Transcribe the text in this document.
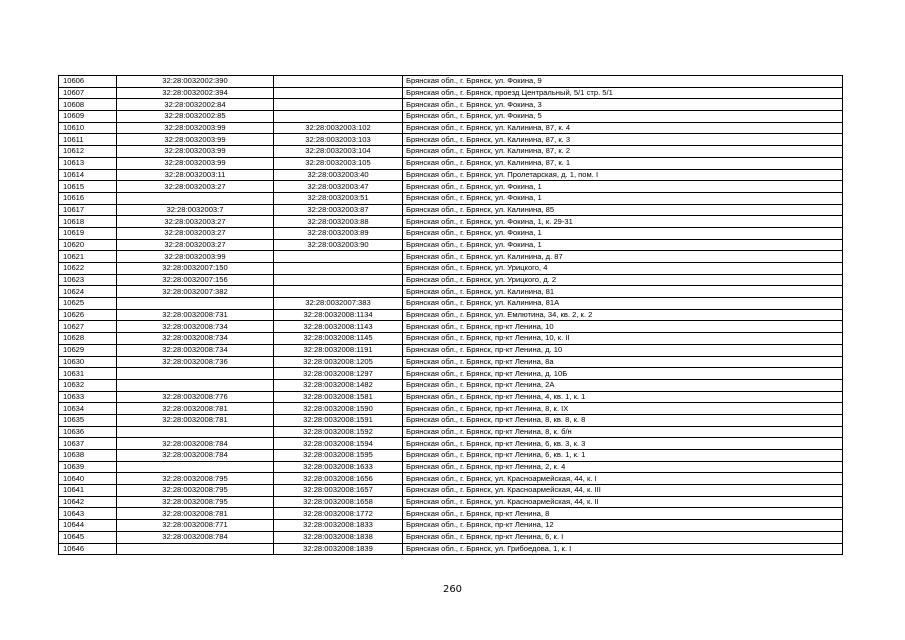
10606	32:28:0032002:390		Брянская обл., г. Брянск, ул. Фокина, 9
10607	32:28:0032002:394		Брянская обл., г. Брянск, проезд Центральный, 5/1 стр. 5/1
10608	32:28:0032002:84		Брянская обл., г. Брянск, ул. Фокина, 3
10609	32:28:0032002:85		Брянская обл., г. Брянск, ул. Фокина, 5
10610	32:28:0032003:99	32:28:0032003:102	Брянская обл., г. Брянск, ул. Калинина, 87, к. 4
10611	32:28:0032003:99	32:28:0032003:103	Брянская обл., г. Брянск, ул. Калинина, 87, к. 3
10612	32:28:0032003:99	32:28:0032003:104	Брянская обл., г. Брянск, ул. Калинина, 87, к. 2
10613	32:28:0032003:99	32:28:0032003:105	Брянская обл., г. Брянск, ул. Калинина, 87, к. 1
10614	32:28:0032003:11	32:28:0032003:40	Брянская обл., г. Брянск, ул. Пролетарская, д. 1, пом. I
10615	32:28:0032003:27	32:28:0032003:47	Брянская обл., г. Брянск, ул. Фокина, 1
10616		32:28:0032003:51	Брянская обл., г. Брянск, ул. Фокина, 1
10617	32:28:0032003:7	32:28:0032003:87	Брянская обл., г. Брянск, ул. Калинина, 85
10618	32:28:0032003:27	32:28:0032003:88	Брянская обл., г. Брянск, ул. Фокина, 1, к. 29-31
10619	32:28:0032003:27	32:28:0032003:89	Брянская обл., г. Брянск, ул. Фокина, 1
10620	32:28:0032003:27	32:28:0032003:90	Брянская обл., г. Брянск, ул. Фокина, 1
10621	32:28:0032003:99		Брянская обл., г. Брянск, ул. Калинина, д. 87
10622	32:28:0032007:150		Брянская обл., г. Брянск, ул. Урицкого, 4
10623	32:28:0032007:156		Брянская обл., г. Брянск, ул. Урицкого, д. 2
10624	32:28:0032007:382		Брянская обл., г. Брянск, ул. Калинина, 81
10625		32:28:0032007:383	Брянская обл., г. Брянск, ул. Калинина, 81А
10626	32:28:0032008:731	32:28:0032008:1134	Брянская обл., г. Брянск, ул. Емлютина, 34, кв. 2, к. 2
10627	32:28:0032008:734	32:28:0032008:1143	Брянская обл., г. Брянск, пр-кт Ленина, 10
10628	32:28:0032008:734	32:28:0032008:1145	Брянская обл., г. Брянск, пр-кт Ленина, 10, к. II
10629	32:28:0032008:734	32:28:0032008:1191	Брянская обл., г. Брянск, пр-кт Ленина, д. 10
10630	32:28:0032008:736	32:28:0032008:1205	Брянская обл., г. Брянск, пр-кт Ленина, 8а
10631		32:28:0032008:1297	Брянская обл., г. Брянск, пр-кт Ленина, д. 10Б
10632		32:28:0032008:1482	Брянская обл., г. Брянск, пр-кт Ленина, 2А
10633	32:28:0032008:776	32:28:0032008:1581	Брянская обл., г. Брянск, пр-кт Ленина, 4, кв. 1, к. 1
10634	32:28:0032008:781	32:28:0032008:1590	Брянская обл., г. Брянск, пр-кт Ленина, 8, к. IX
10635	32:28:0032008:781	32:28:0032008:1591	Брянская обл., г. Брянск, пр-кт Ленина, 8, кв. 8, к. 8
10636		32:28:0032008:1592	Брянская обл., г. Брянск, пр-кт Ленина, 8, к. б/н
10637	32:28:0032008:784	32:28:0032008:1594	Брянская обл., г. Брянск, пр-кт Ленина, 6, кв. 3, к. 3
10638	32:28:0032008:784	32:28:0032008:1595	Брянская обл., г. Брянск, пр-кт Ленина, 6, кв. 1, к. 1
10639		32:28:0032008:1633	Брянская обл., г. Брянск, пр-кт Ленина, 2, к. 4
10640	32:28:0032008:795	32:28:0032008:1656	Брянская обл., г. Брянск, ул. Красноармейская, 44, к. I
10641	32:28:0032008:795	32:28:0032008:1657	Брянская обл., г. Брянск, ул. Красноармейская, 44, к. III
10642	32:28:0032008:795	32:28:0032008:1658	Брянская обл., г. Брянск, ул. Красноармейская, 44, к. II
10643	32:28:0032008:781	32:28:0032008:1772	Брянская обл., г. Брянск, пр-кт Ленина, 8
10644	32:28:0032008:771	32:28:0032008:1833	Брянская обл., г. Брянск, пр-кт Ленина, 12
10645	32:28:0032008:784	32:28:0032008:1838	Брянская обл., г. Брянск, пр-кт Ленина, 6, к. I
10646		32:28:0032008:1839	Брянская обл., г. Брянск, ул. Грибоедова, 1, к. I
260
